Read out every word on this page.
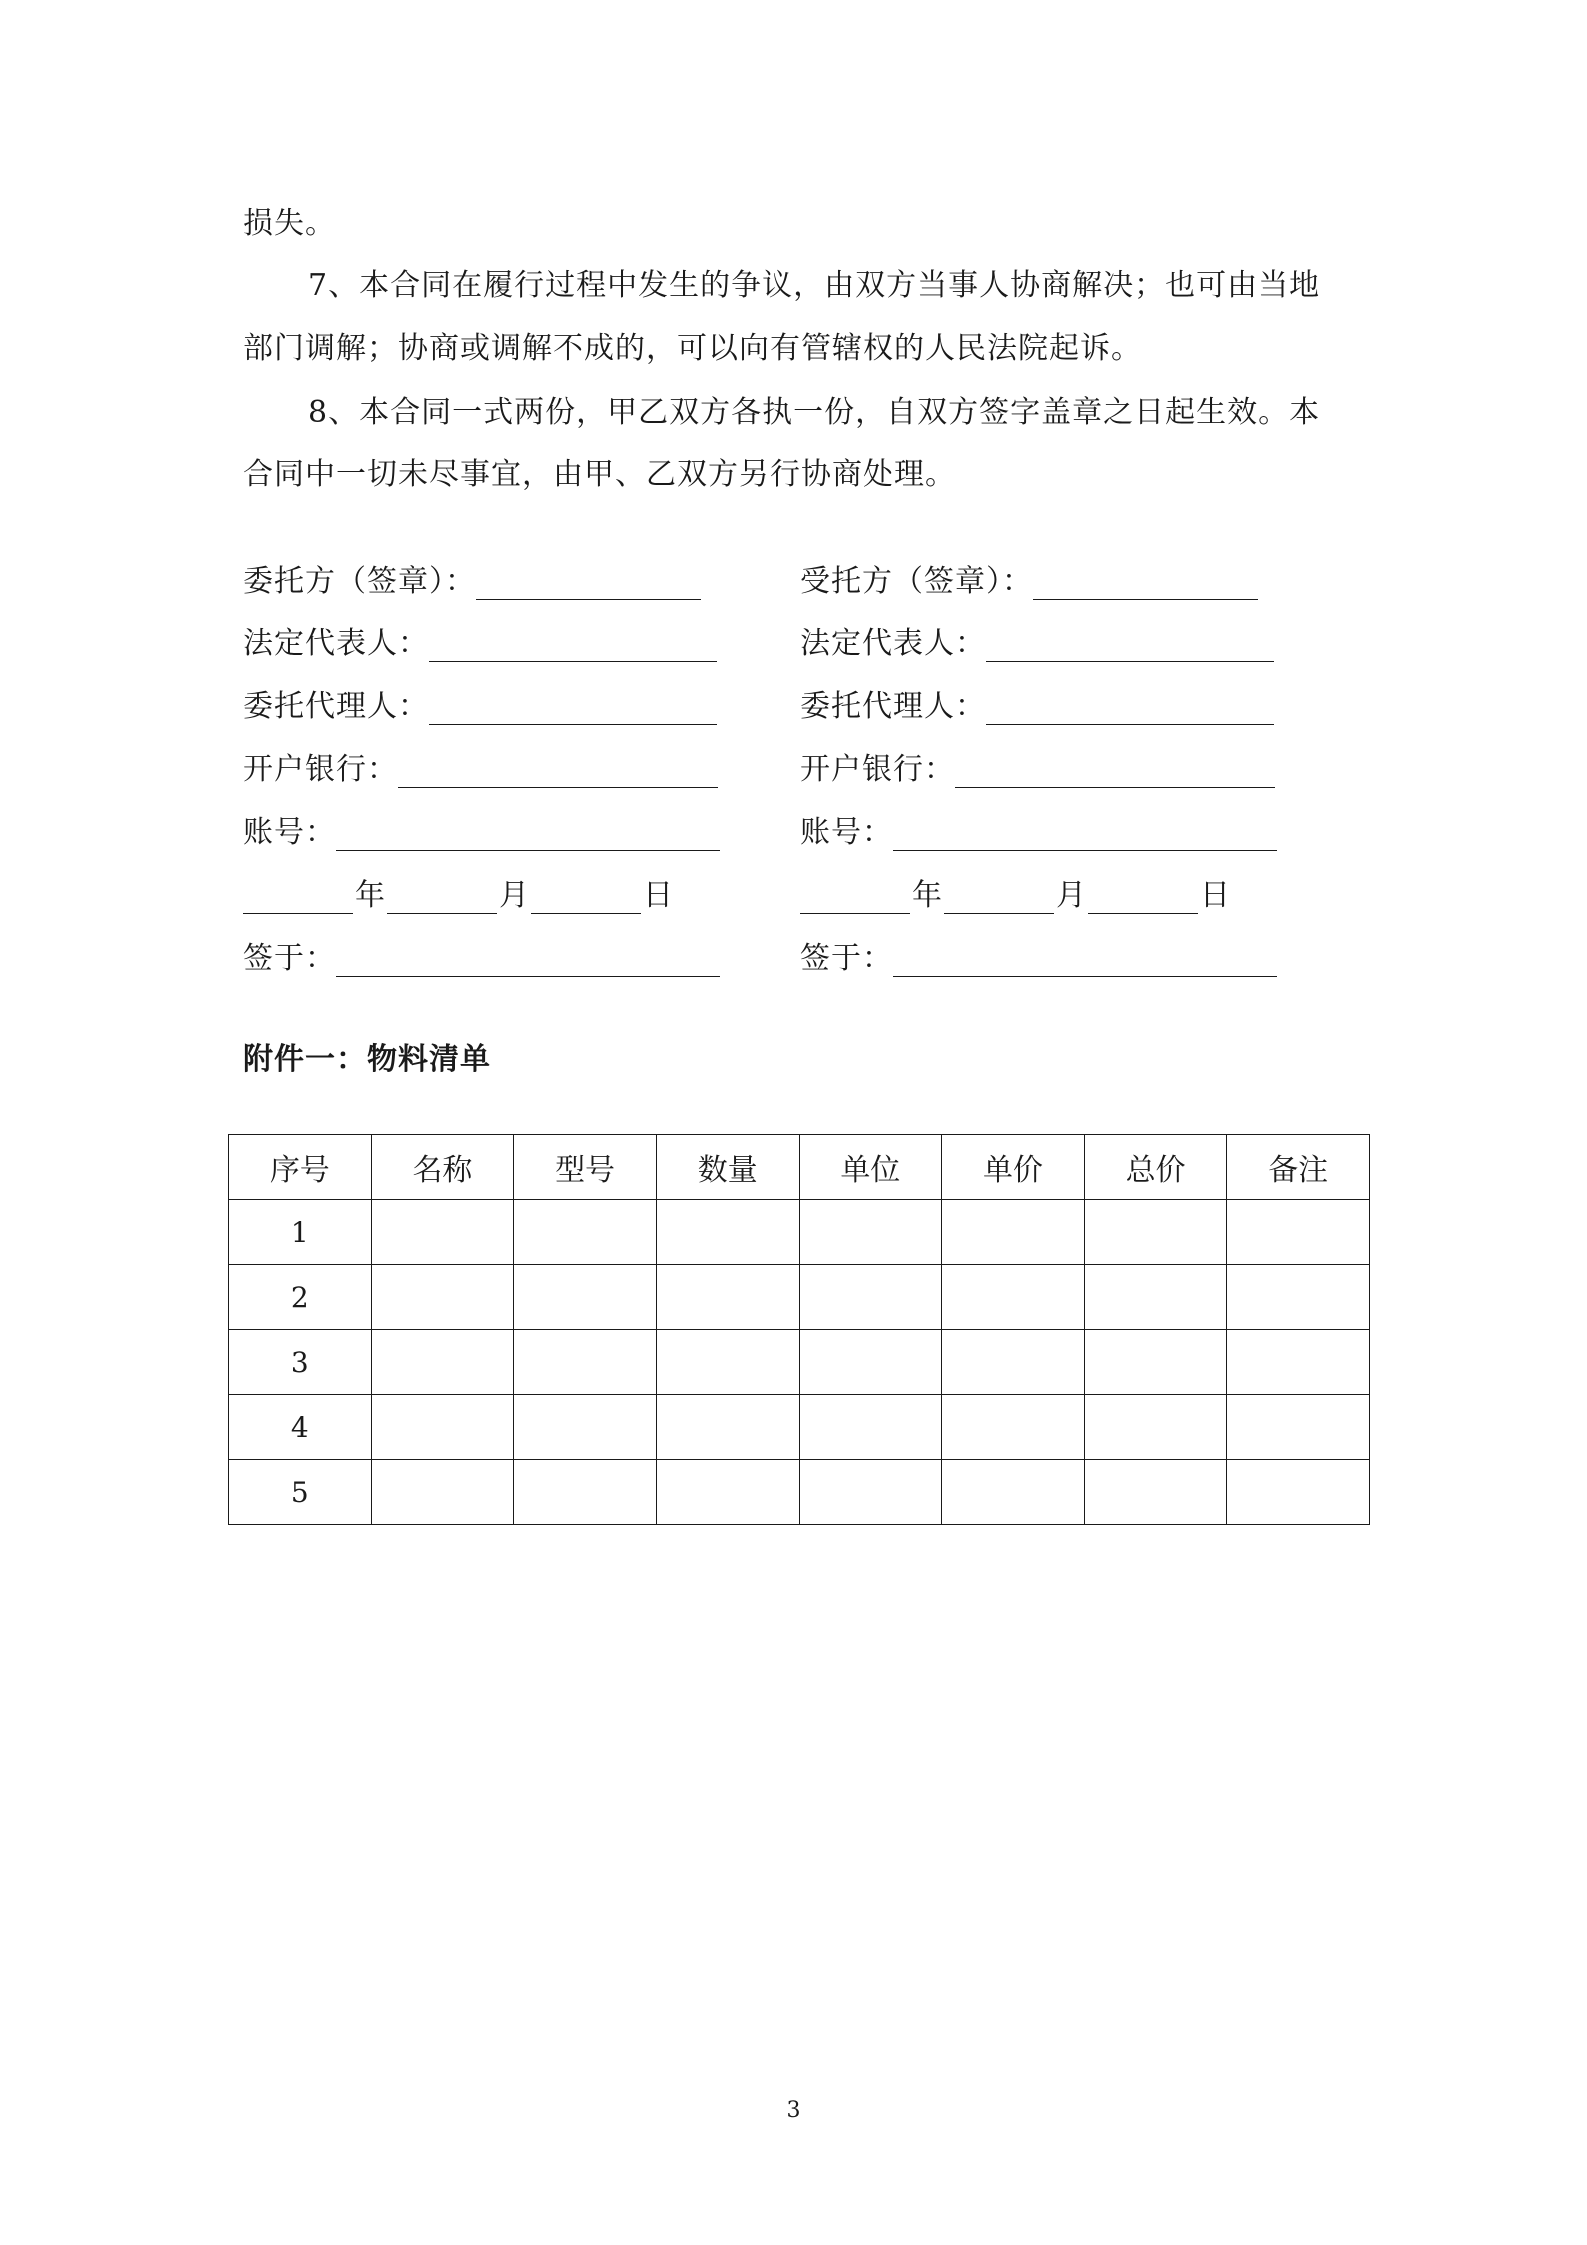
损失。
7、本合同在履行过程中发生的争议，由双方当事人协商解决；也可由当地
部门调解；协商或调解不成的，可以向有管辖权的人民法院起诉。
8、本合同一式两份，甲乙双方各执一份，自双方签字盖章之日起生效。本
合同中一切未尽事宜，由甲、乙双方另行协商处理。
委托方（签章）：
法定代表人：
委托代理人：
开户银行：
账号：
年	月	日
签于：
受托方（签章）：
法定代表人：
委托代理人：
开户银行：
账号：
年	月	日
签于：
附件一：物料清单
序号	名称	型号	数量	单位	单价	总价	备注
1							
2							
3							
4							
5							
3
